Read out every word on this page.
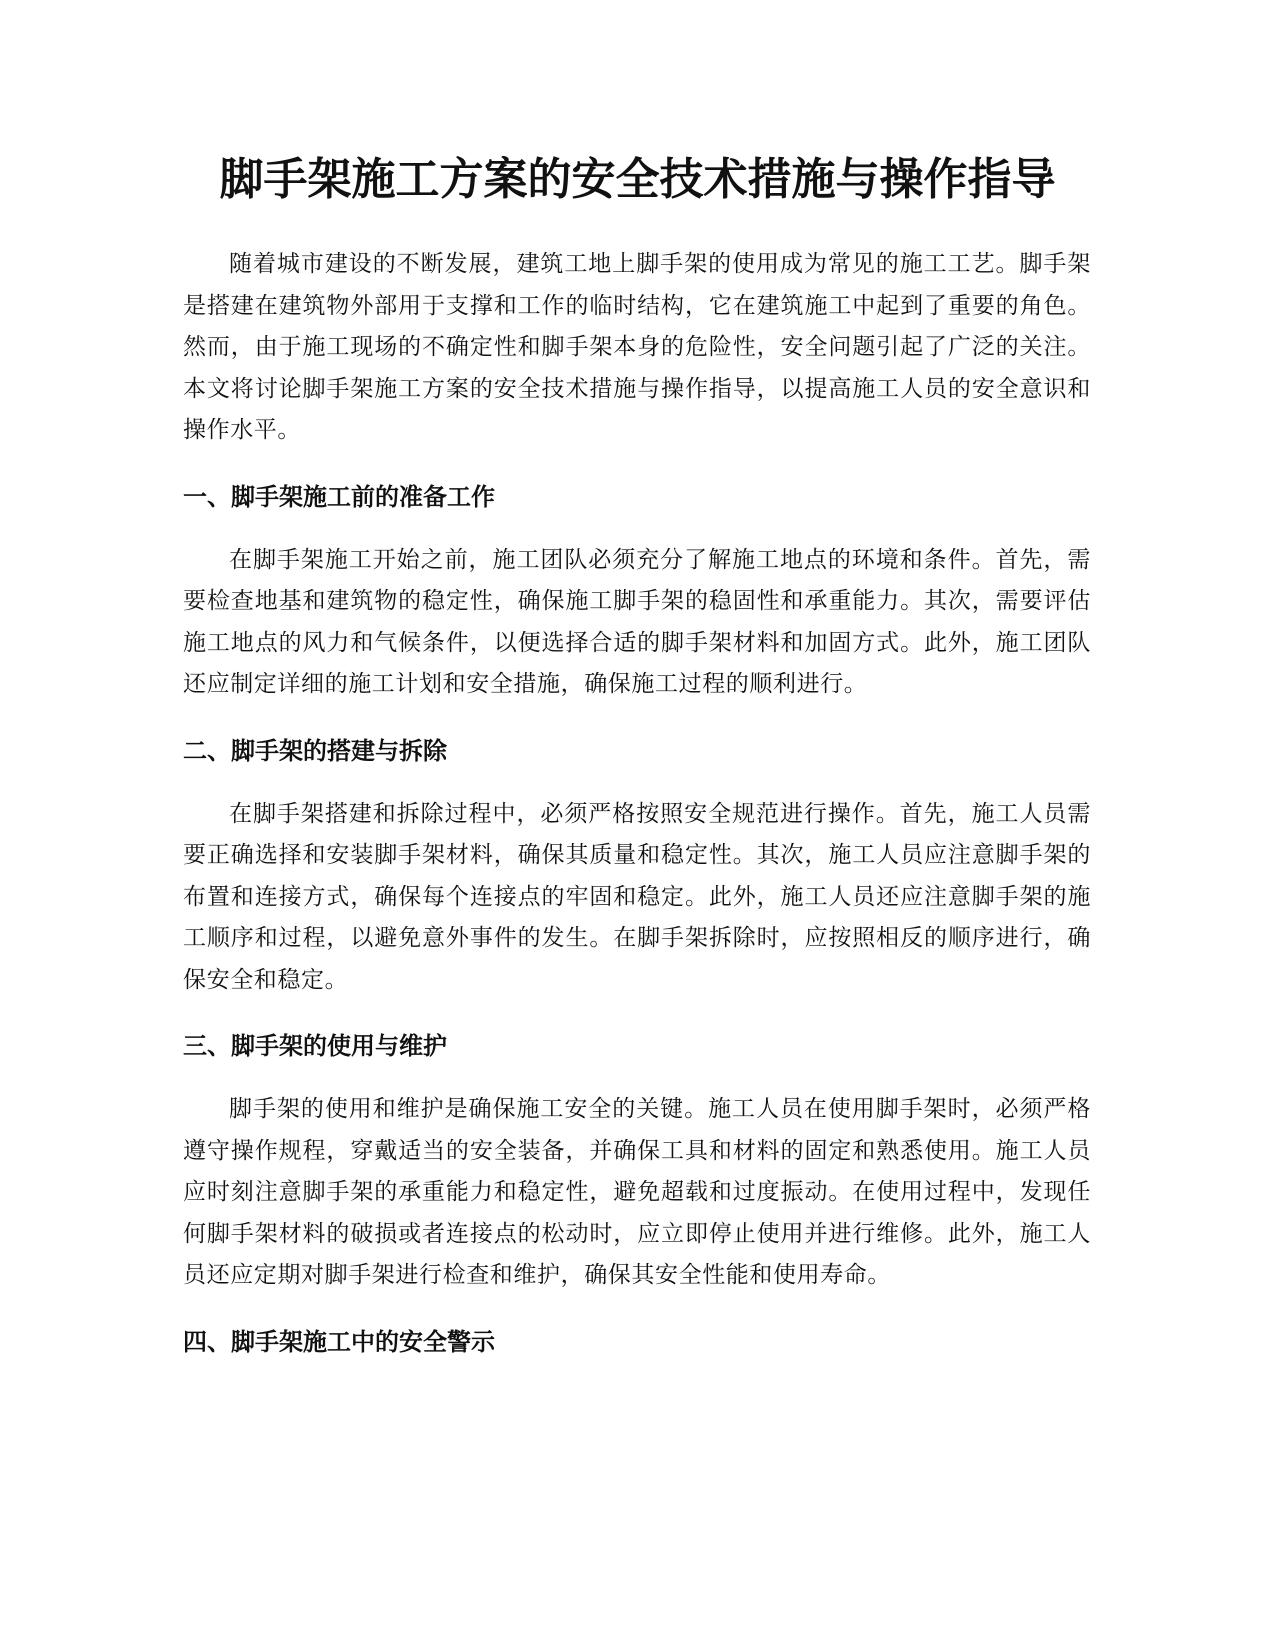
脚手架施工方案的安全技术措施与操作指导

随着城市建设的不断发展，建筑工地上脚手架的使用成为常见的施工工艺。脚手架是搭建在建筑物外部用于支撑和工作的临时结构，它在建筑施工中起到了重要的角色。然而，由于施工现场的不确定性和脚手架本身的危险性，安全问题引起了广泛的关注。本文将讨论脚手架施工方案的安全技术措施与操作指导，以提高施工人员的安全意识和操作水平。

一、脚手架施工前的准备工作

在脚手架施工开始之前，施工团队必须充分了解施工地点的环境和条件。首先，需要检查地基和建筑物的稳定性，确保施工脚手架的稳固性和承重能力。其次，需要评估施工地点的风力和气候条件，以便选择合适的脚手架材料和加固方式。此外，施工团队还应制定详细的施工计划和安全措施，确保施工过程的顺利进行。

二、脚手架的搭建与拆除

在脚手架搭建和拆除过程中，必须严格按照安全规范进行操作。首先，施工人员需要正确选择和安装脚手架材料，确保其质量和稳定性。其次，施工人员应注意脚手架的布置和连接方式，确保每个连接点的牢固和稳定。此外，施工人员还应注意脚手架的施工顺序和过程，以避免意外事件的发生。在脚手架拆除时，应按照相反的顺序进行，确保安全和稳定。

三、脚手架的使用与维护

脚手架的使用和维护是确保施工安全的关键。施工人员在使用脚手架时，必须严格遵守操作规程，穿戴适当的安全装备，并确保工具和材料的固定和熟悉使用。施工人员应时刻注意脚手架的承重能力和稳定性，避免超载和过度振动。在使用过程中，发现任何脚手架材料的破损或者连接点的松动时，应立即停止使用并进行维修。此外，施工人员还应定期对脚手架进行检查和维护，确保其安全性能和使用寿命。

四、脚手架施工中的安全警示
